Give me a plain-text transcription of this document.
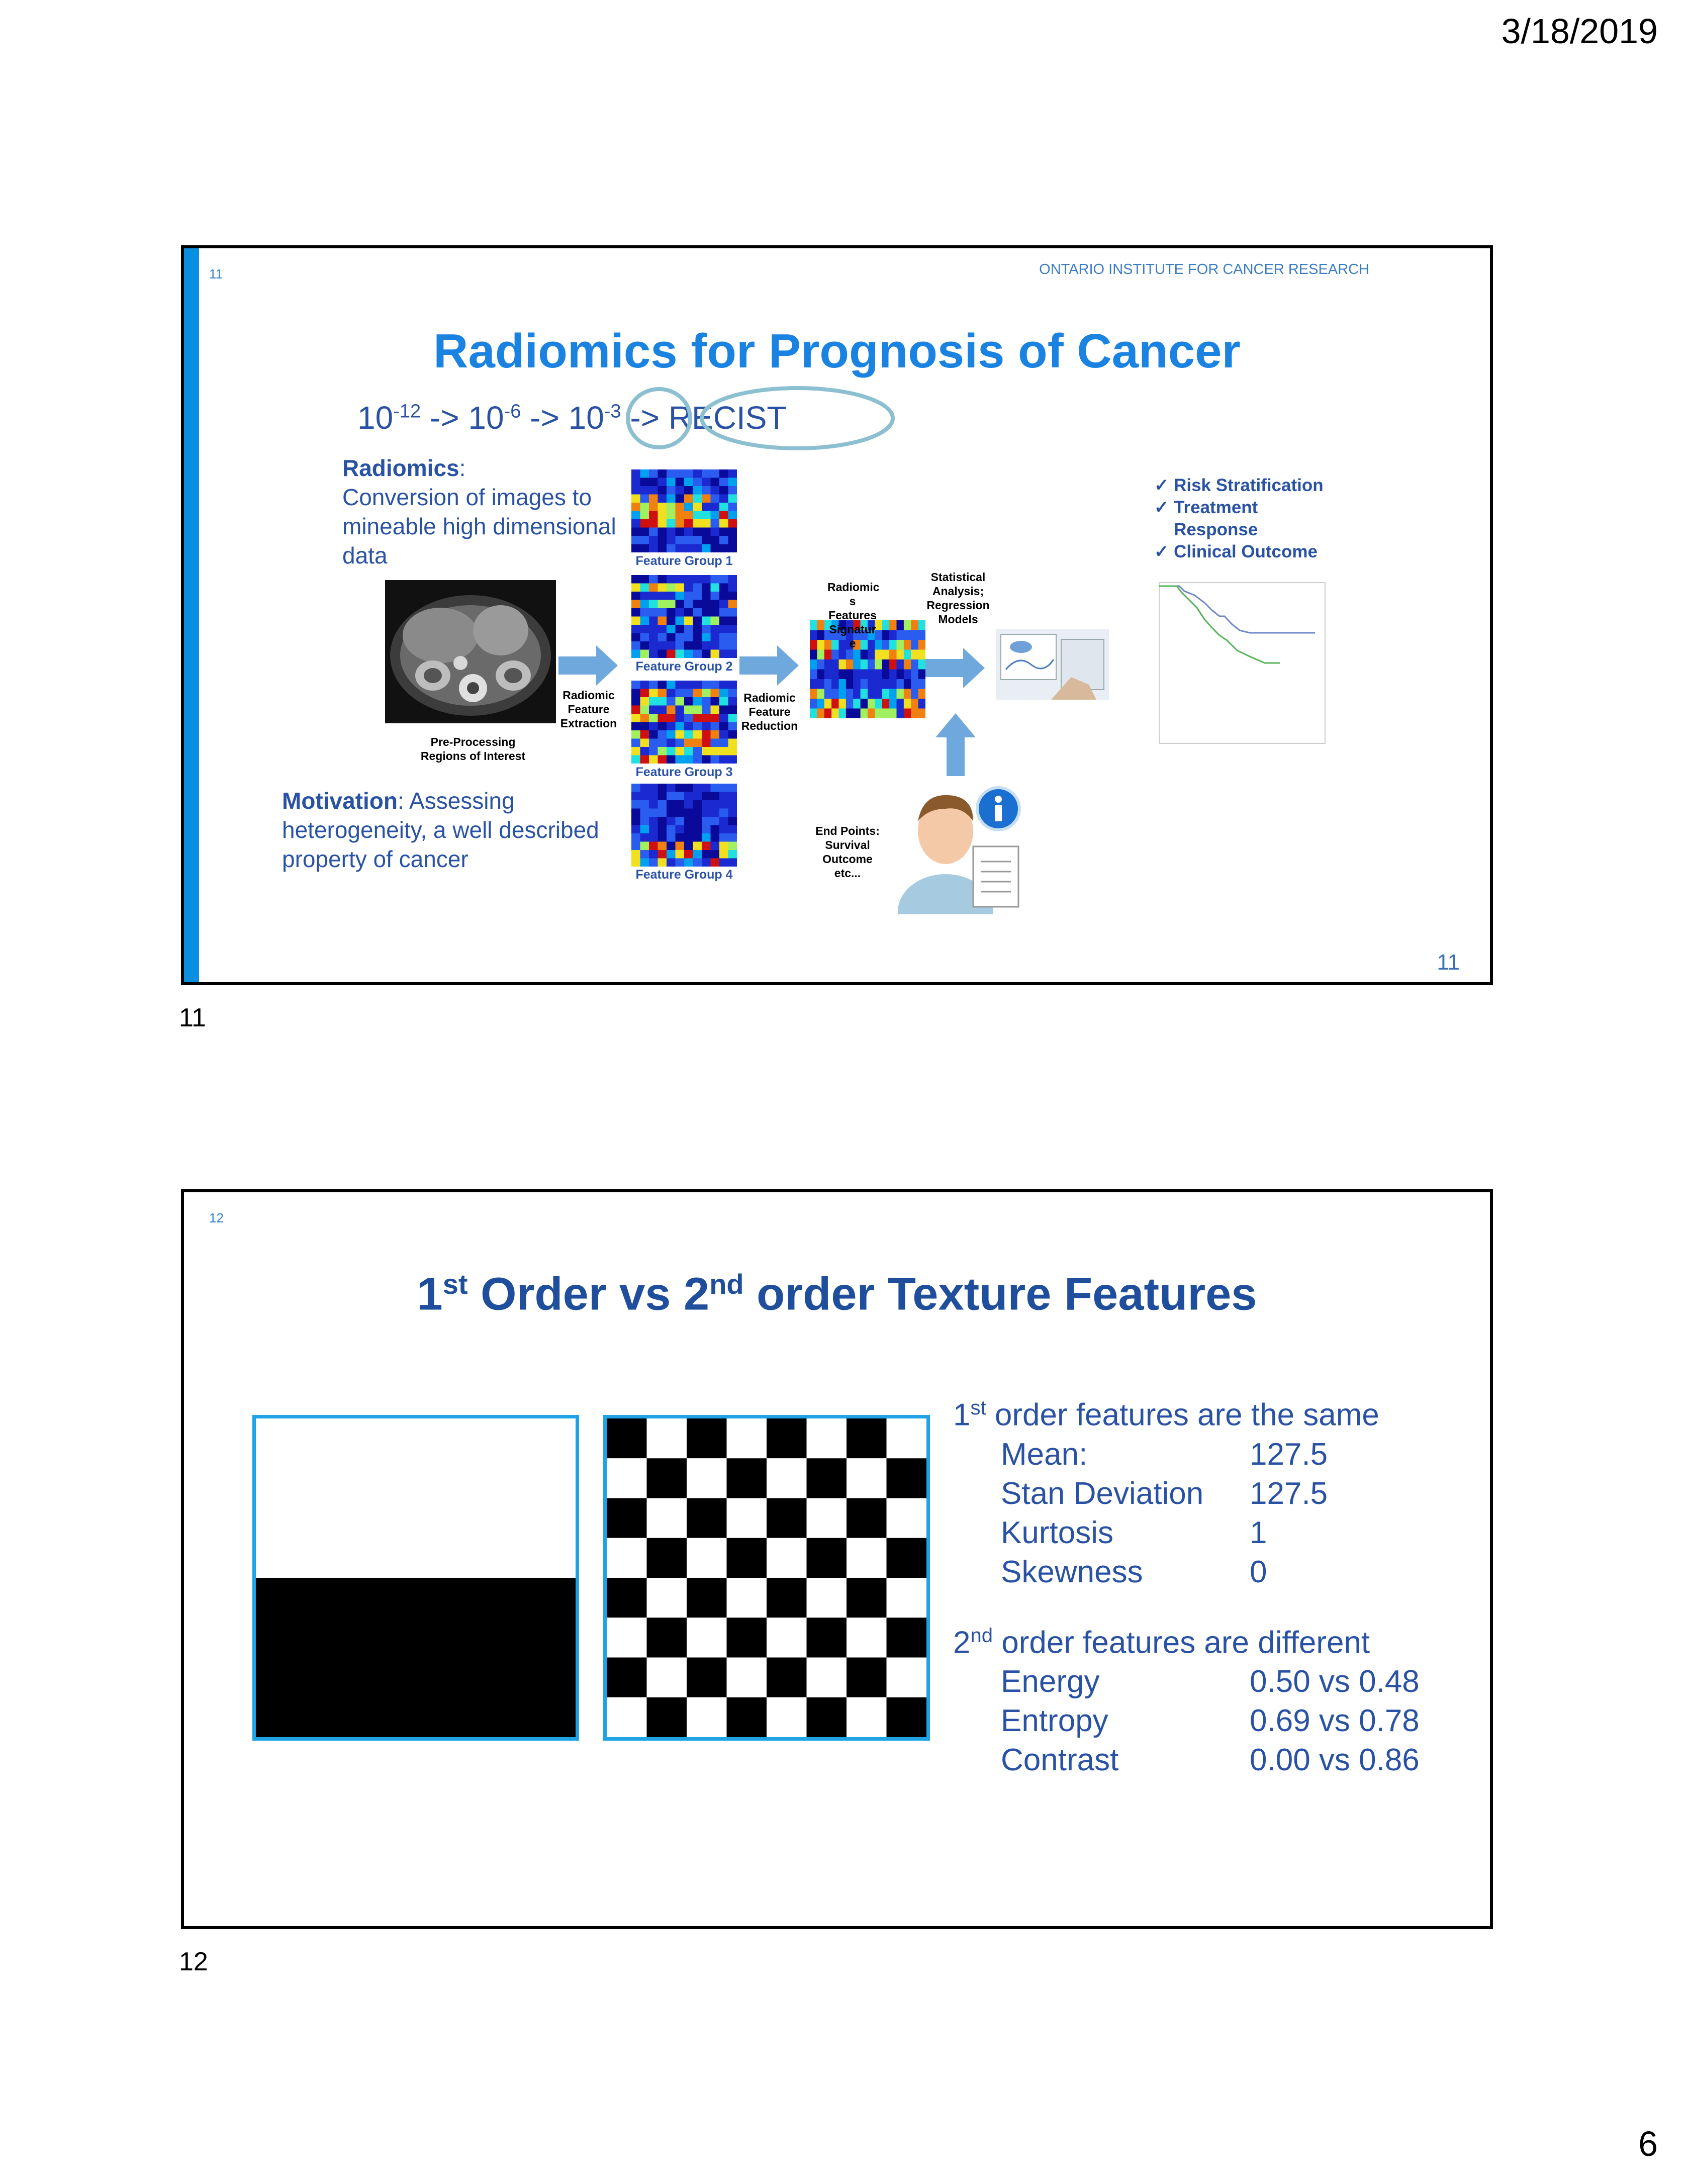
3/18/2019
6
11	ONTARIO INSTITUTE FOR CANCER RESEARCH
Radiomics for Prognosis of Cancer
$10^{-12} -> 10^{-6} -> 10^{-3}$ -> RECIST
Radiomics:
Conversion of images to mineable high dimensional data
Motivation: Assessing heterogeneity, a well described property of cancer
Pre-Processing Regions of Interest
Radiomic Feature Extraction
Radiomic Feature Reduction
Feature Group 1
Feature Group 2
Feature Group 3
Feature Group 4
Radiomic s Features Signatur e
Statistical Analysis; Regression Models
✓ Risk Stratification
✓ Treatment Response
✓ Clinical Outcome
End Points: Survival Outcome etc...
11
11
12
1st Order vs 2nd order Texture Features
1st order features are the same
Mean:	127.5
Stan Deviation	127.5
Kurtosis	1
Skewness	0
2nd order features are different
Energy	0.50 vs 0.48
Entropy	0.69 vs 0.78
Contrast	0.00 vs 0.86
12
